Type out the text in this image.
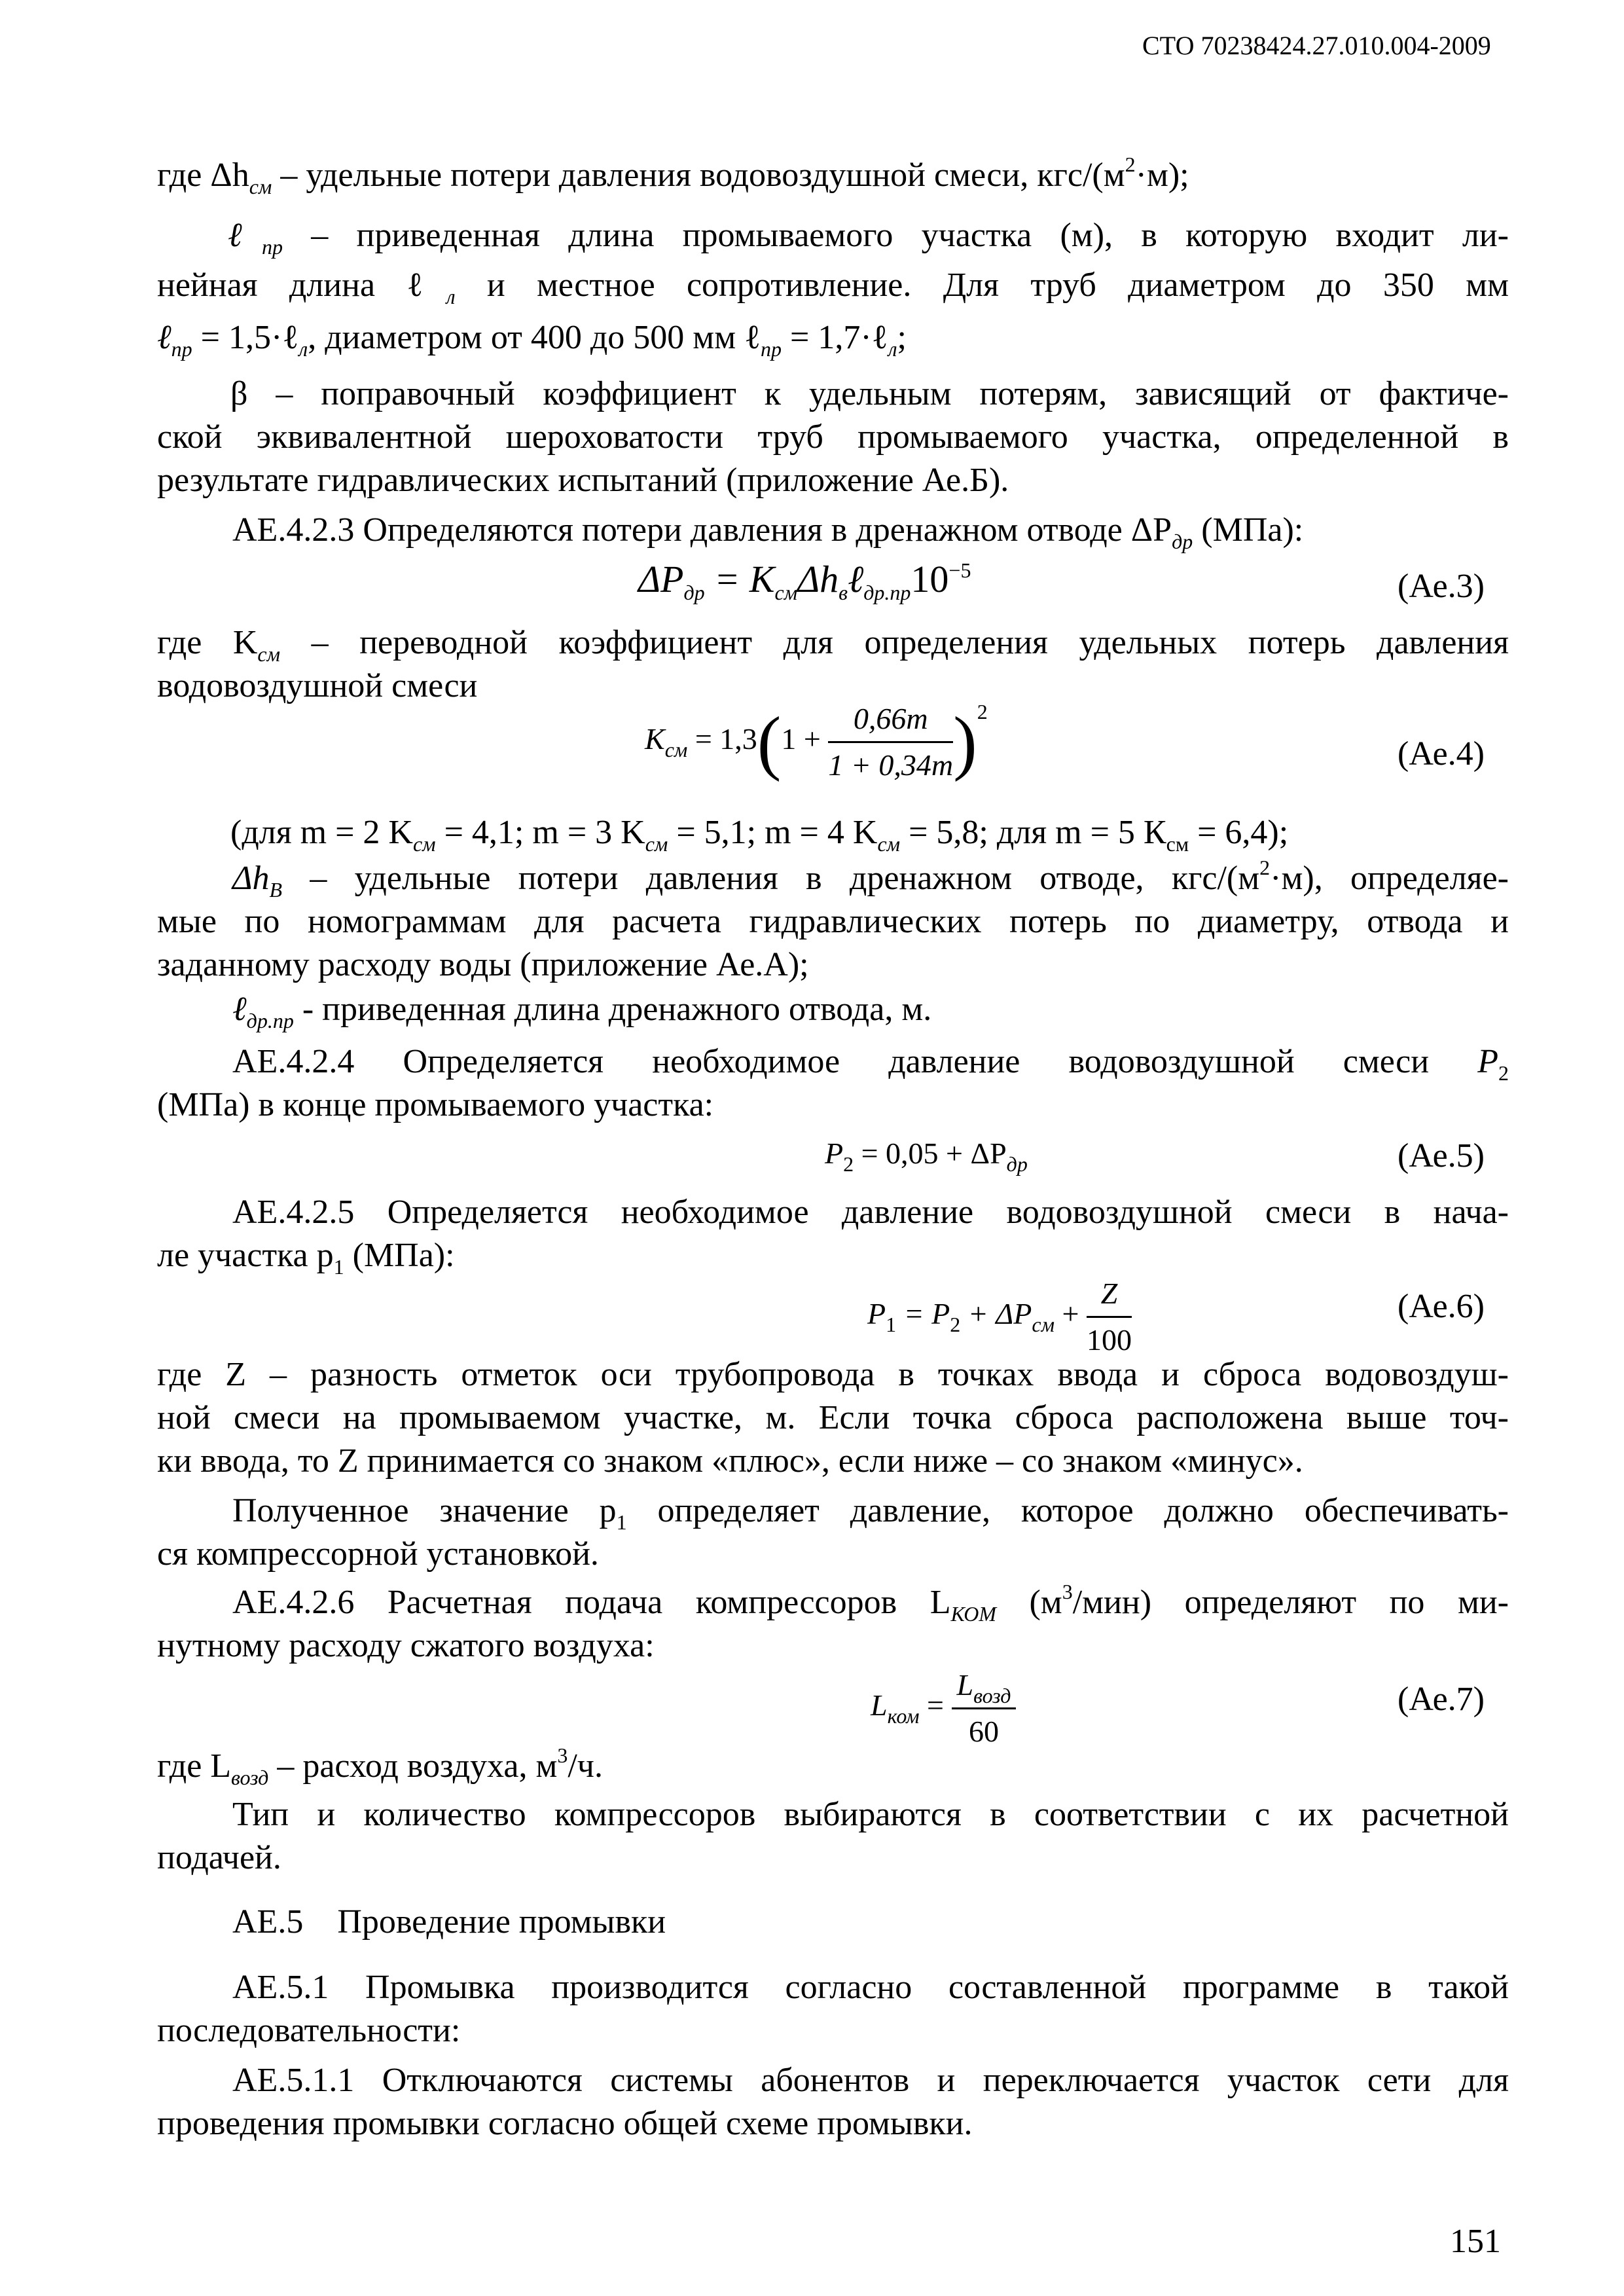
СТО 70238424.27.010.004-2009
где $\Delta h_{см}$ – удельные потери давления водовоздушной смеси, кгс/$(м^2\cdot м)$;
ℓ$_{пр}$ – приведенная длина промываемого участка (м), в которую входит ли-
нейная длина ℓ$_л$ и местное сопротивление. Для труб диаметром до 350 мм
ℓ$_{пр}$ = 1,5·ℓ$_л$, диаметром от 400 до 500 мм ℓ$_{пр}$ = 1,7·ℓ$_л$;
β – поправочный коэффициент к удельным потерям, зависящий от фактиче-
ской эквивалентной шероховатости труб промываемого участка, определенной в
результате гидравлических испытаний (приложение Ае.Б).
АЕ.4.2.3 Определяются потери давления в дренажном отводе $\Delta P_{др}$ (МПа):
$\Delta P_{др}$ = $K_{см}\Delta h_в\ell_{др.пр}10^{-5}$	(Ае.3)
где $K_{см}$ – переводной коэффициент для определения удельных потерь давления
водовоздушной смеси
$K_{см} = 1,3(1 + \frac{0,66m}{1 + 0,34m} )^2$
(Ае.4)
(для m = 2 $K_{см} = 4,1$; m = 3 $K_{см} = 5,1$; m = 4 $K_{см} = 5,8$; для m = 5 $К_{см} = 6,4$);
$\Delta h_В$ – удельные потери давления в дренажном отводе, кгс/$(м^2\cdot м)$, определяе-
мые по номограммам для расчета гидравлических потерь по диаметру, отвода и
заданному расходу воды (приложение Ае.А);
ℓ$_{др.пр}$ - приведенная длина дренажного отвода, м.
АЕ.4.2.4 Определяется необходимое давление водовоздушной смеси $P_2$
(МПа) в конце промываемого участка:
$P_2 = 0,05 + \Delta P_{др}$	(Ае.5)
АЕ.4.2.5 Определяется необходимое давление водовоздушной смеси в нача-
ле участка $p_1$ (МПа):
$P_1 = P_2 + \Delta P_{см} + \frac{Z}{100}$	(Ае.6)
где Z – разность отметок оси трубопровода в точках ввода и сброса водовоздуш-
ной смеси на промываемом участке, м. Если точка сброса расположена выше точ-
ки ввода, то Z принимается со знаком «плюс», если ниже – со знаком «минус».
Полученное значение $p_1$ определяет давление, которое должно обеспечивать-
ся компрессорной установкой.
АЕ.4.2.6 Расчетная подача компрессоров $L_{КОМ}$ $(м^3/мин)$ определяют по ми-
нутному расходу сжатого воздуха:
$L_{ком} = \frac{L_{возд}}{60}$	(Ае.7)
где $L_{возд}$ – расход воздуха, $м^3/ч$.
Тип и количество компрессоров выбираются в соответствии с их расчетной
подачей.
АЕ.5    Проведение промывки
АЕ.5.1 Промывка производится согласно составленной программе в такой
последовательности:
АЕ.5.1.1 Отключаются системы абонентов и переключается участок сети для
проведения промывки согласно общей схеме промывки.
151
